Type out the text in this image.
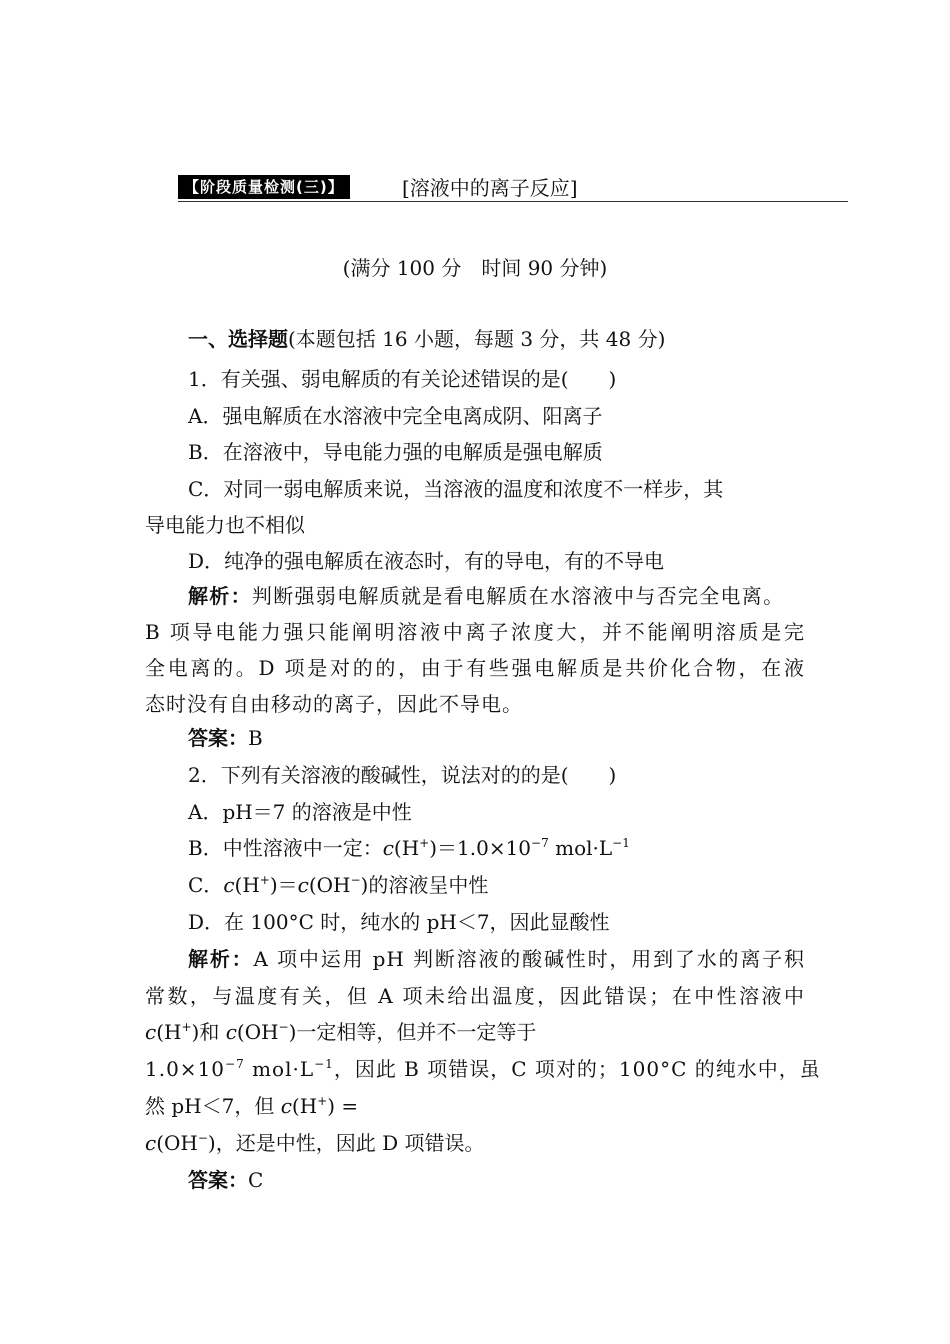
【阶段质量检测(三)】	[溶液中的离子反应]
(满分 100 分　时间 90 分钟)
一、选择题(本题包括 16 小题，每题 3 分，共 48 分)
1．有关强、弱电解质的有关论述错误的是(　　)
A．强电解质在水溶液中完全电离成阴、阳离子
B．在溶液中，导电能力强的电解质是强电解质
C．对同一弱电解质来说，当溶液的温度和浓度不一样步，其
导电能力也不相似
D．纯净的强电解质在液态时，有的导电，有的不导电
解析：判断强弱电解质就是看电解质在水溶液中与否完全电离。
B 项导电能力强只能阐明溶液中离子浓度大，并不能阐明溶质是完
全电离的。D 项是对的的，由于有些强电解质是共价化合物，在液
态时没有自由移动的离子，因此不导电。
答案：B
2．下列有关溶液的酸碱性，说法对的的是(　　)
A．pH＝7 的溶液是中性
B．中性溶液中一定：$c(H^+)=1.0\times 10^{-7}$ $mol\cdot L^{-1}$
C．c(H+)＝c(OH−)的溶液呈中性
D．在 100°C 时，纯水的 pH＜7，因此显酸性
解析：A 项中运用 pH 判断溶液的酸碱性时，用到了水的离子积
常数，与温度有关，但 A 项未给出温度，因此错误；在中性溶液中
c(H+)和 c(OH−)一定相等，但并不一定等于
$1.0\times 10^{-7}$ $mol\cdot L^{-1}$，因此 B 项错误，C 项对的；100°C 的纯水中，虽
然 pH＜7，但 c(H+) =
c(OH−)，还是中性，因此 D 项错误。
答案：C
